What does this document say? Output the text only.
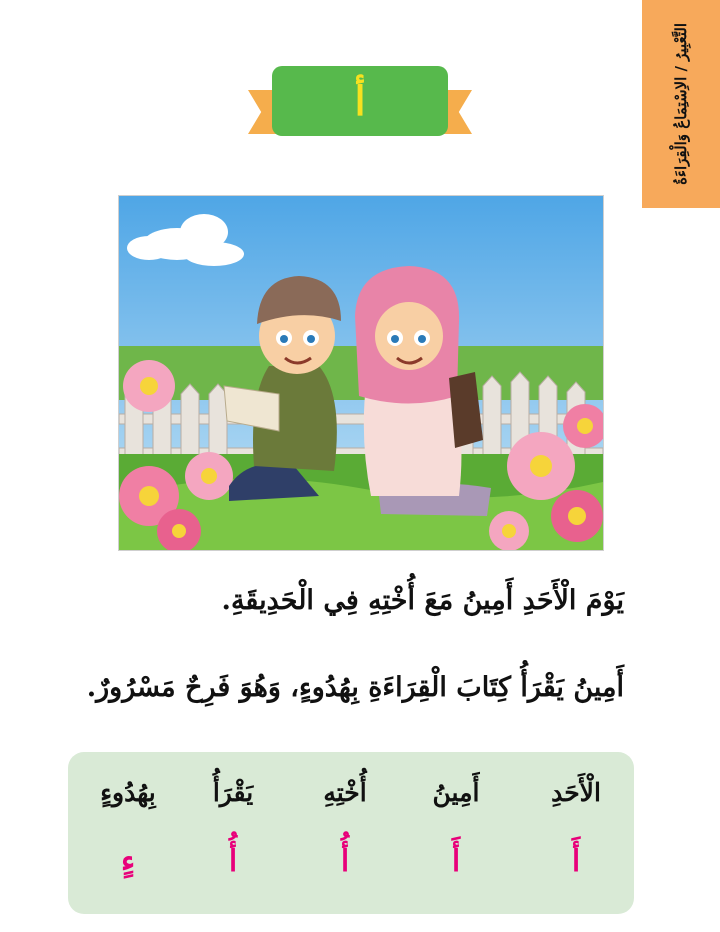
التَّعْبِيرُ / الاِسْتِمَاعُ وَالْقِرَاءَةُ
أ
يَوْمَ الْأَحَدِ أَمِينُ مَعَ أُخْتِهِ فِي الْحَدِيقَةِ.
أَمِينُ يَقْرَأُ كِتَابَ الْقِرَاءَةِ بِهُدُوءٍ، وَهُوَ فَرِحٌ مَسْرُورٌ.
الْأَحَدِ
أَمِينُ
أُخْتِهِ
يَقْرَأُ
بِهُدُوءٍ
أَ
أَ
أُ
أُ
ءٍ
